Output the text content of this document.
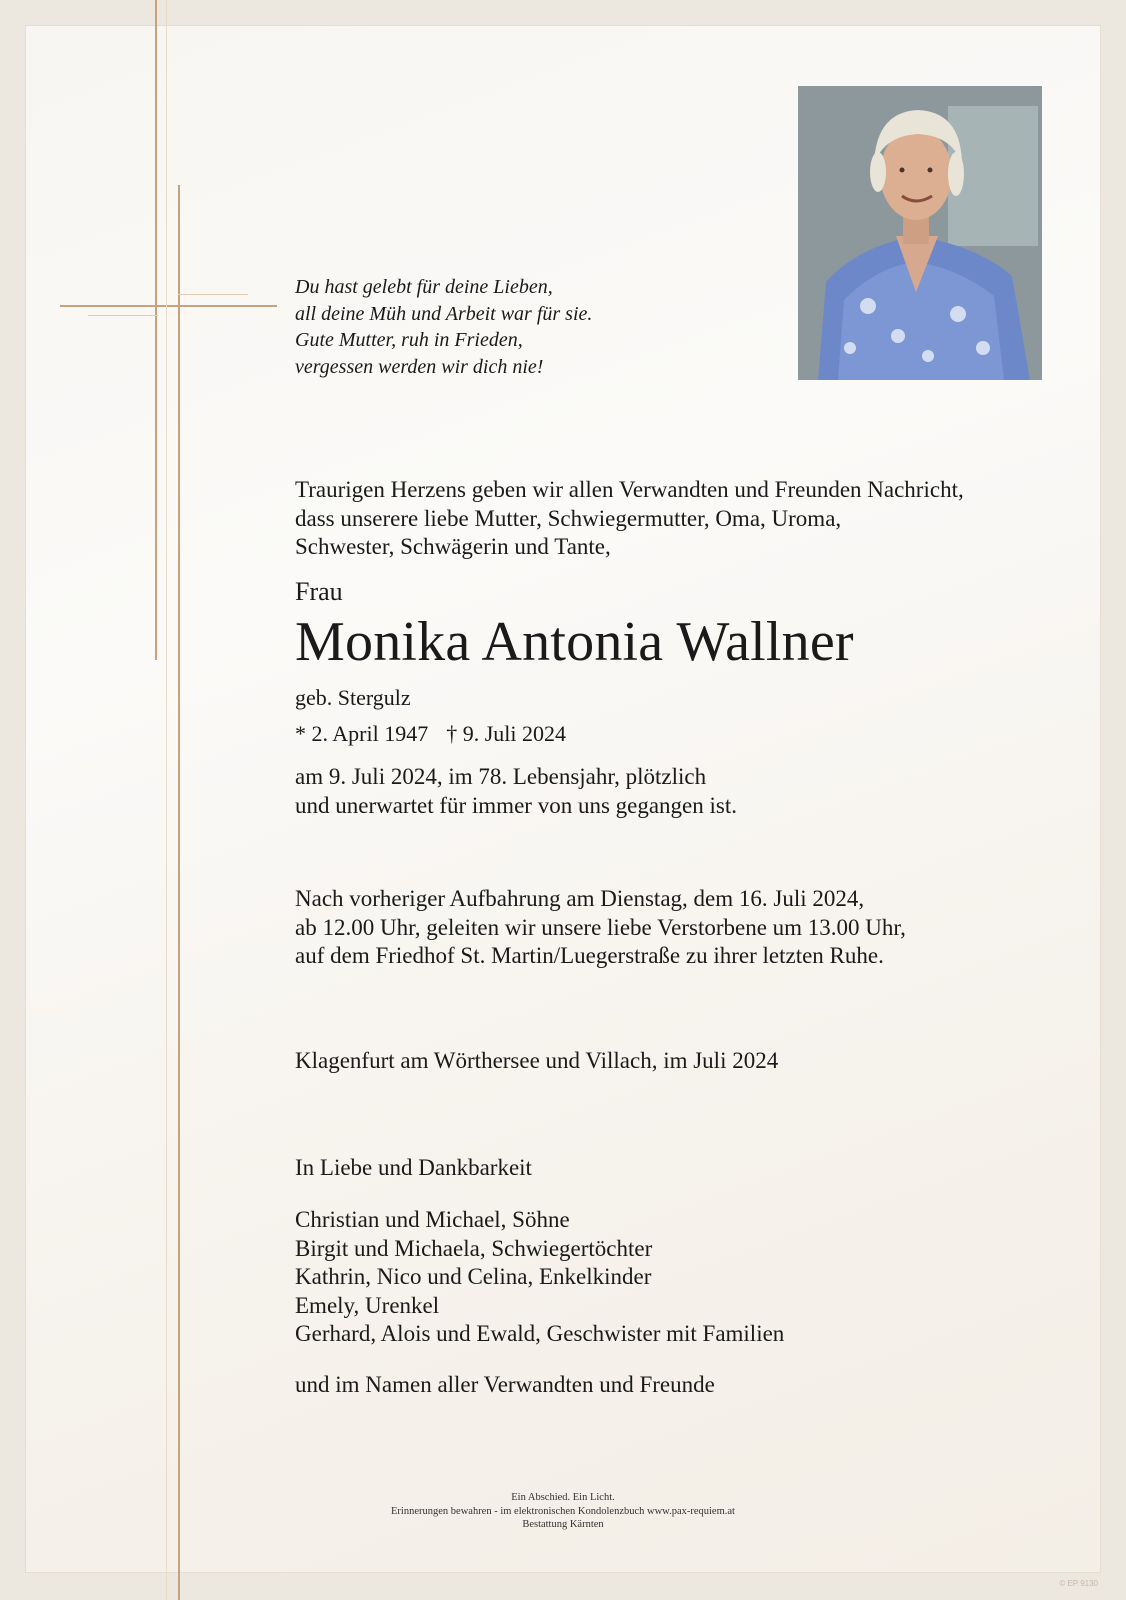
Du hast gelebt für deine Lieben,
all deine Müh und Arbeit war für sie.
Gute Mutter, ruh in Frieden,
vergessen werden wir dich nie!
Traurigen Herzens geben wir allen Verwandten und Freunden Nachricht,
dass unserere liebe Mutter, Schwiegermutter, Oma, Uroma,
Schwester, Schwägerin und Tante,
Frau
Monika Antonia Wallner
geb. Stergulz
* 2. April 1947 † 9. Juli 2024
am 9. Juli 2024, im 78. Lebensjahr, plötzlich
und unerwartet für immer von uns gegangen ist.
Nach vorheriger Aufbahrung am Dienstag, dem 16. Juli 2024,
ab 12.00 Uhr, geleiten wir unsere liebe Verstorbene um 13.00 Uhr,
auf dem Friedhof St. Martin/Luegerstraße zu ihrer letzten Ruhe.
Klagenfurt am Wörthersee und Villach, im Juli 2024
In Liebe und Dankbarkeit
Christian und Michael, Söhne
Birgit und Michaela, Schwiegertöchter
Kathrin, Nico und Celina, Enkelkinder
Emely, Urenkel
Gerhard, Alois und Ewald, Geschwister mit Familien
und im Namen aller Verwandten und Freunde
Ein Abschied. Ein Licht.
Erinnerungen bewahren - im elektronischen Kondolenzbuch www.pax-requiem.at
Bestattung Kärnten
© EP 9130
